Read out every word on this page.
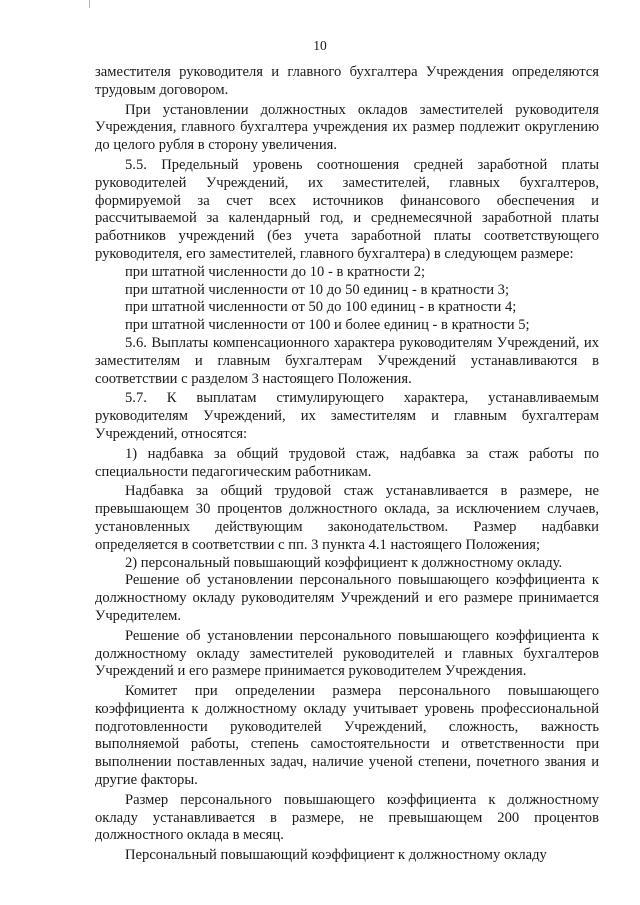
10

заместителя руководителя и главного бухгалтера Учреждения определяются трудовым договором.

При установлении должностных окладов заместителей руководителя Учреждения, главного бухгалтера учреждения их размер подлежит округлению до целого рубля в сторону увеличения.

5.5. Предельный уровень соотношения средней заработной платы руководителей Учреждений, их заместителей, главных бухгалтеров, формируемой за счет всех источников финансового обеспечения и рассчитываемой за календарный год, и среднемесячной заработной платы работников учреждений (без учета заработной платы соответствующего руководителя, его заместителей, главного бухгалтера) в следующем размере:

при штатной численности до 10 - в кратности 2;

при штатной численности от 10 до 50 единиц - в кратности 3;

при штатной численности от 50 до 100 единиц - в кратности 4;

при штатной численности от 100 и более единиц - в кратности 5;

5.6. Выплаты компенсационного характера руководителям Учреждений, их заместителям и главным бухгалтерам Учреждений устанавливаются в соответствии с разделом 3 настоящего Положения.

5.7. К выплатам стимулирующего характера, устанавливаемым руководителям Учреждений, их заместителям и главным бухгалтерам Учреждений, относятся:

1) надбавка за общий трудовой стаж, надбавка за стаж работы по специальности педагогическим работникам.

Надбавка за общий трудовой стаж устанавливается в размере, не превышающем 30 процентов должностного оклада, за исключением случаев, установленных действующим законодательством. Размер надбавки определяется в соответствии с пп. 3 пункта 4.1 настоящего Положения;

2) персональный повышающий коэффициент к должностному окладу.

Решение об установлении персонального повышающего коэффициента к должностному окладу руководителям Учреждений и его размере принимается Учредителем.

Решение об установлении персонального повышающего коэффициента к должностному окладу заместителей руководителей и главных бухгалтеров Учреждений и его размере принимается руководителем Учреждения.

Комитет при определении размера персонального повышающего коэффициента к должностному окладу учитывает уровень профессиональной подготовленности руководителей Учреждений, сложность, важность выполняемой работы, степень самостоятельности и ответственности при выполнении поставленных задач, наличие ученой степени, почетного звания и другие факторы.

Размер персонального повышающего коэффициента к должностному окладу устанавливается в размере, не превышающем 200 процентов должностного оклада в месяц.

Персональный повышающий коэффициент к должностному окладу
